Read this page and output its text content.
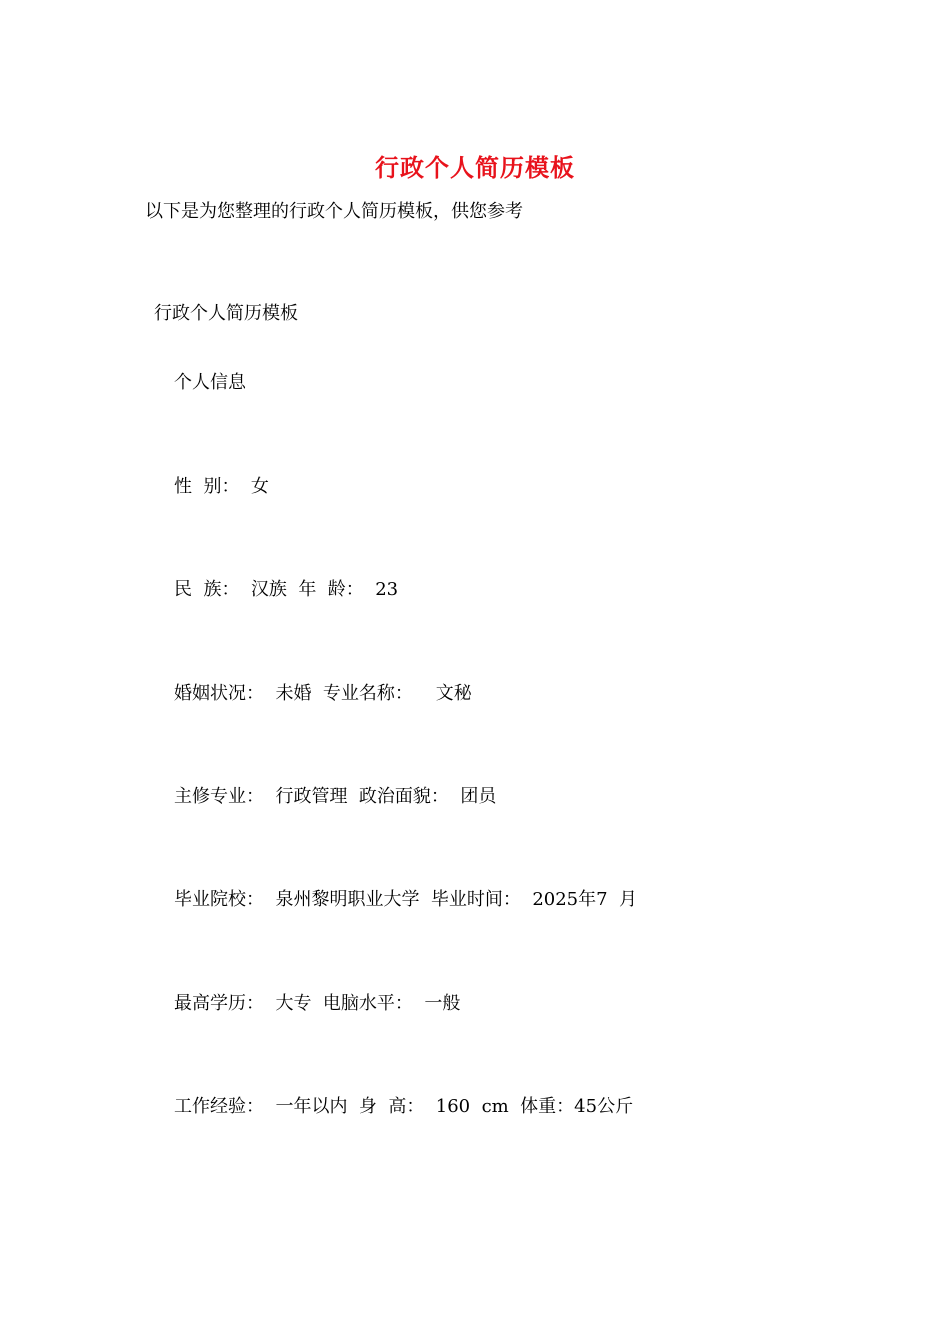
行政个人简历模板
以下是为您整理的行政个人简历模板，供您参考
行政个人简历模板
个人信息
性  别：  女
民  族：  汉族  年  龄：  23
婚姻状况：  未婚  专业名称：    文秘
主修专业：  行政管理  政治面貌：  团员
毕业院校：  泉州黎明职业大学  毕业时间：  2025年7  月
最高学历：  大专  电脑水平：  一般
工作经验：  一年以内  身  高：  160  cm  体重：45公斤
